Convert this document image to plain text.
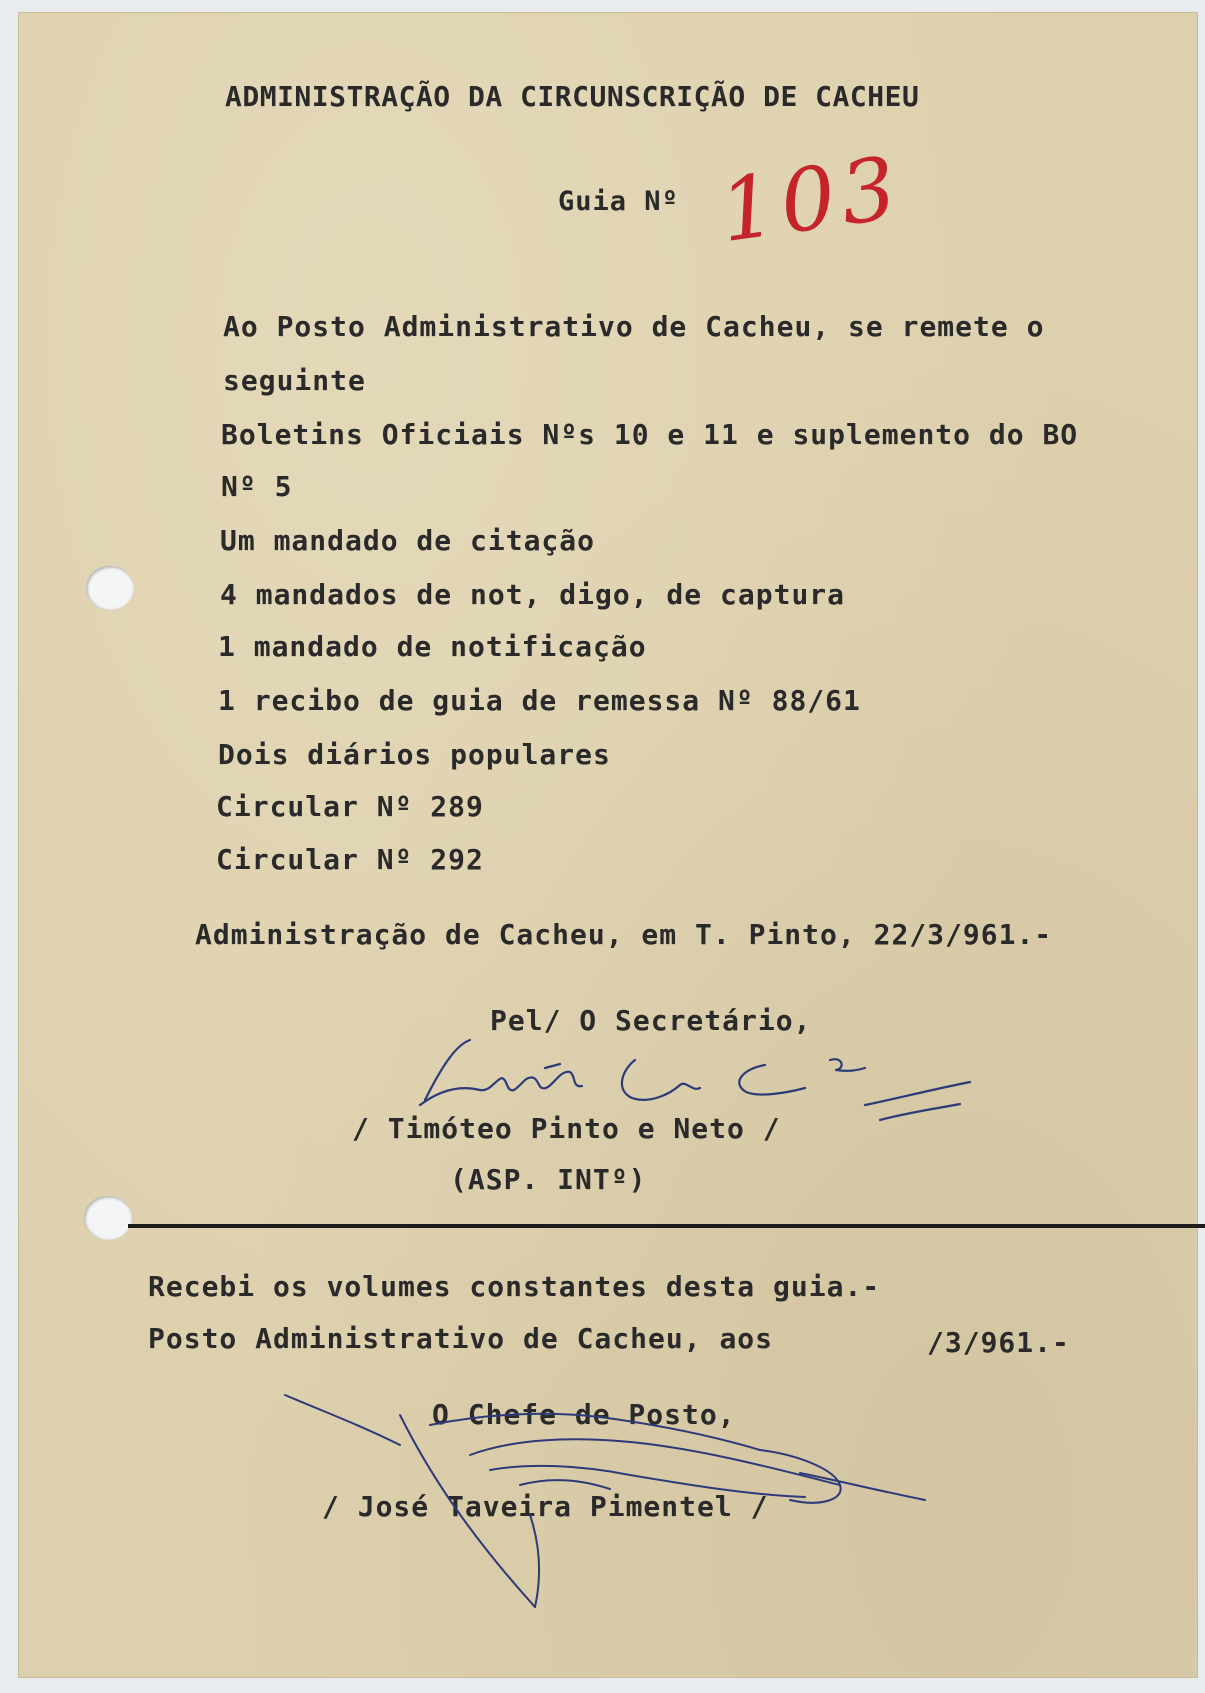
ADMINISTRAÇÃO DA CIRCUNSCRIÇÃO DE CACHEU

Guia Nº 103

Ao Posto Administrativo de Cacheu, se remete o

seguinte

Boletins Oficiais Nºs 10 e 11 e suplemento do BO

Nº 5

Um mandado de citação

4 mandados de not, digo, de captura

1 mandado de notificação

1 recibo de guia de remessa Nº 88/61

Dois diários populares

Circular Nº 289

Circular Nº 292

Administração de Cacheu, em T. Pinto, 22/3/961.-

Pel/ O Secretário,

/ Timóteo Pinto e Neto /

(ASP. INTº)

Recebi os volumes constantes desta guia.-

Posto Administrativo de Cacheu, aos	/3/961.-

O Chefe de Posto,

/ José Taveira Pimentel /
